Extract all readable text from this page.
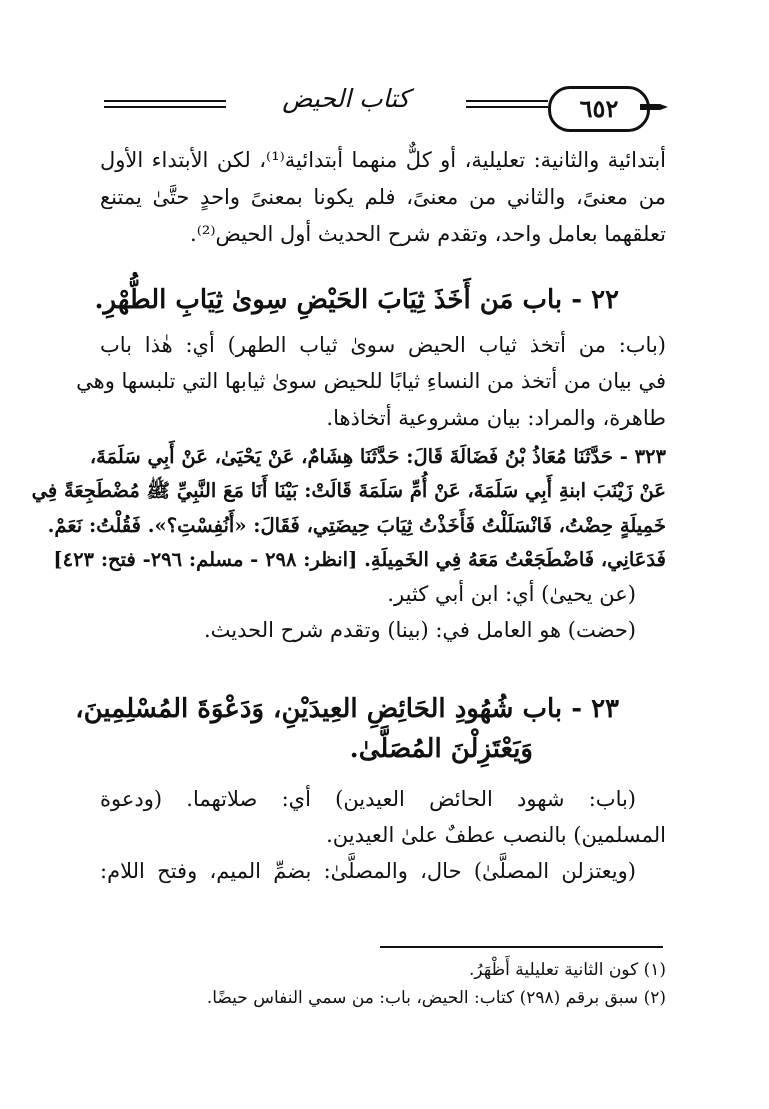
كتاب الحيض	٦٥٢
أبتدائية والثانية: تعليلية، أو كلٌّ منهما أبتدائية⁽¹⁾، لكن الأبتداء الأول
من معنىً، والثاني من معنىً، فلم يكونا بمعنىً واحدٍ حتَّىٰ يمتنع
تعلقهما بعامل واحد، وتقدم شرح الحديث أول الحيض⁽²⁾.
٢٢ - باب مَن أَخَذَ ثِيَابَ الحَيْضِ سِوىٰ ثِيَابِ الطُّهْرِ.
(باب: من أتخذ ثياب الحيض سوىٰ ثياب الطهر) أي: هٰذا باب
في بيان من أتخذ من النساءِ ثيابًا للحيض سوىٰ ثيابها التي تلبسها وهي
طاهرة، والمراد: بيان مشروعية أتخاذها.
٣٢٣ - حَدَّثَنَا مُعَاذُ بْنُ فَضَالَةَ قَالَ: حَدَّثَنَا هِشَامٌ، عَنْ يَحْيَىٰ، عَنْ أَبِي سَلَمَةَ،
عَنْ زَيْنَبَ ابنةِ أَبِي سَلَمَةَ، عَنْ أُمِّ سَلَمَةَ قَالَتْ: بَيْنَا أَنَا مَعَ النَّبِيِّ ﷺ مُضْطَجِعَةً فِي
خَمِيلَةٍ حِضْتُ، فَانْسَلَلْتُ فَأَخَذْتُ ثِيَابَ حِيضَتِي، فَقَالَ: «أَنُفِسْتِ؟». فَقُلْتُ: نَعَمْ.
فَدَعَانِي، فَاضْطَجَعْتُ مَعَهُ فِي الخَمِيلَةِ. [انظر: ٢٩٨ - مسلم: ٢٩٦- فتح: ٤٢٣]
(عن يحيىٰ) أي: ابن أبي كثير.
(حضت) هو العامل في: (بينا) وتقدم شرح الحديث.
٢٣ - باب شُهُودِ الحَائِضِ العِيدَيْنِ، وَدَعْوَةَ المُسْلِمِينَ،
وَيَعْتَزِلْنَ المُصَلَّىٰ.
(باب: شهود الحائض العيدين) أي: صلاتهما. (ودعوة
المسلمين) بالنصب عطفٌ علىٰ العيدين.
(ويعتزلن المصلَّىٰ) حال، والمصلَّىٰ: بضمِّ الميم، وفتح اللام:
(١) كون الثانية تعليلية أَظْهَرُ.
(٢) سبق برقم (٢٩٨) كتاب: الحيض، باب: من سمي النفاس حيضًا.
